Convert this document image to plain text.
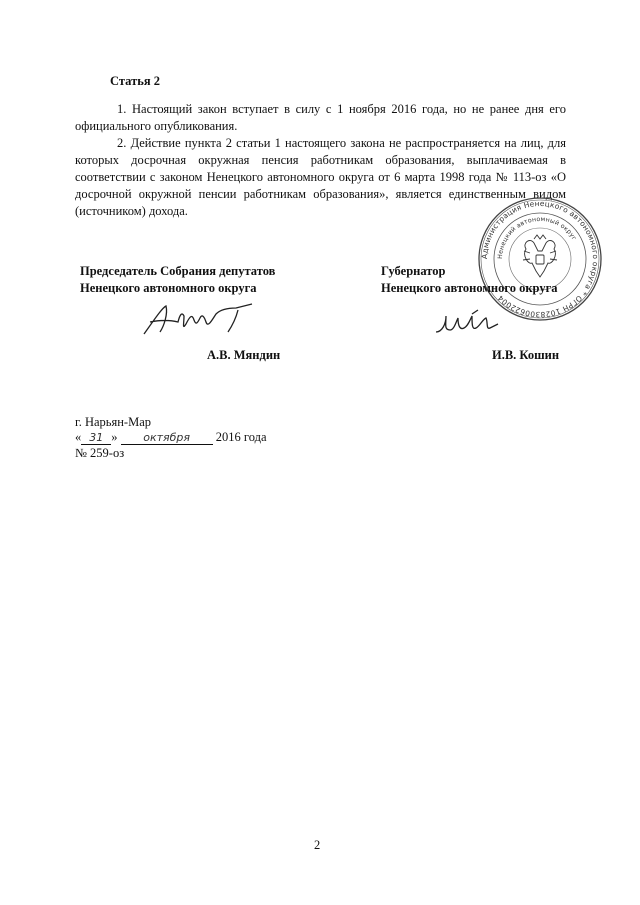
Статья 2
1. Настоящий закон вступает в силу с 1 ноября 2016 года, но не ранее дня его официального опубликования.
2. Действие пункта 2 статьи 1 настоящего закона не распространяется на лиц, для которых досрочная окружная пенсия работникам образования, выплачиваемая в соответствии с законом Ненецкого автономного округа от 6 марта 1998 года № 113-оз «О досрочной окружной пенсии работникам образования», является единственным видом (источником) дохода.
Администрация Ненецкого автономного округа * ОГРН 1028300622004
Ненецкий автономный округ
Председатель Собрания депутатов
Ненецкого автономного округа
Губернатор
Ненецкого автономного округа
А.В. Мяндин	И.В. Кошин
г. Нарьян-Мар
« 31 » октября 2016 года
№ 259-оз
2
